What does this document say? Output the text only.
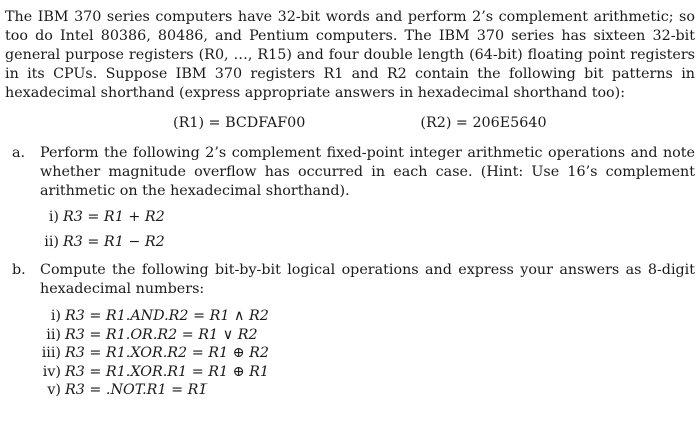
The IBM 370 series computers have 32-bit words and perform 2’s complement arithmetic; so too do Intel 80386, 80486, and Pentium computers. The IBM 370 series has sixteen 32-bit general purpose registers (R0, …, R15) and four double length (64-bit) floating point registers in its CPUs. Suppose IBM 370 registers R1 and R2 contain the following bit patterns in hexadecimal shorthand (express appropriate answers in hexadecimal shorthand too):

(R1) = BCDFAF00	(R2) = 206E5640
a.	Perform the following 2’s complement fixed-point integer arithmetic operations and note whether magnitude overflow has occurred in each case. (Hint: Use 16’s complement arithmetic on the hexadecimal shorthand).

i) R3 = R1 + R2
ii) R3 = R1 − R2
b. Compute the following bit-by-bit logical operations and express your answers as 8-digit hexadecimal numbers:

i) R3 = R1.AND.R2 = R1 ∧ R2
ii) R3 = R1.OR.R2 = R1 ∨ R2
iii) R3 = R1.XOR.R2 = R1 ⊕ R2
iv) R3 = R1.XOR.R1 = R1 ⊕ R1
v) R3 = .NOT.R1 = R1̅
